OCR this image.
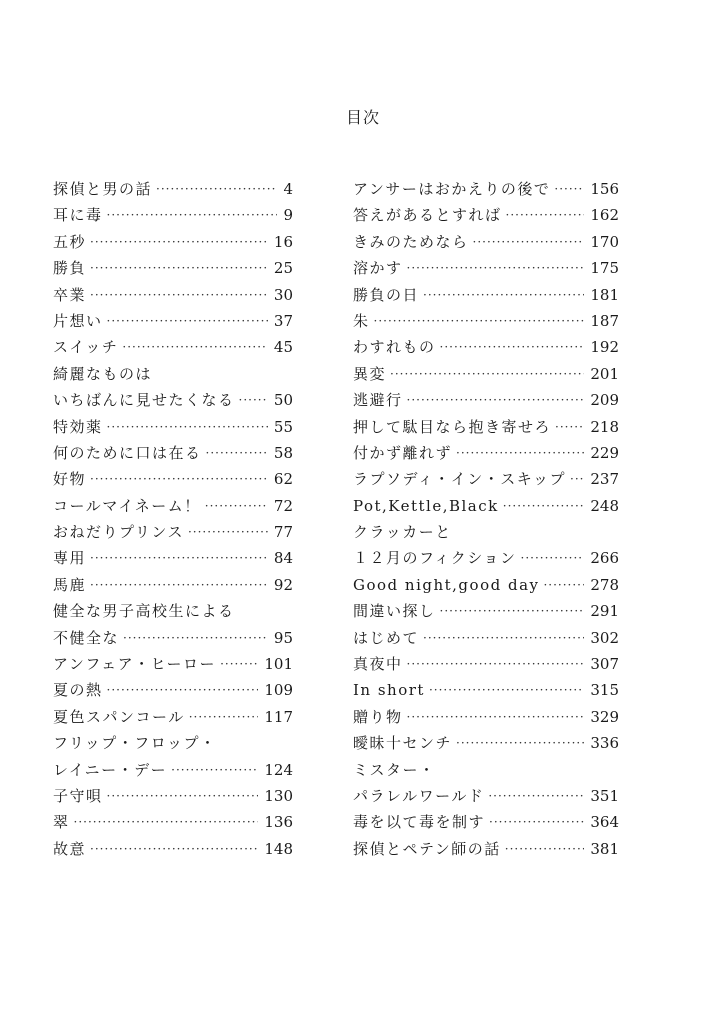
目次
探偵と男の話 ·····	4
耳に毒 ·····	9
五秒 ·····	16
勝負 ·····	25
卒業 ·····	30
片想い ·····	37
スイッチ ·····	45
綺麗なものは
いちばんに見せたくなる ·····	50
特効薬 ·····	55
何のために口は在る ·····	58
好物 ·····	62
コールマイネーム！ ·····	72
おねだりプリンス ·····	77
専用 ·····	84
馬鹿 ·····	92
健全な男子高校生による
不健全な ·····	95
アンフェア・ヒーロー ·····	101
夏の熱 ·····	109
夏色スパンコール ·····	117
フリップ・フロップ・
レイニー・デー ·····	124
子守唄 ·····	130
翠 ·····	136
故意 ·····	148
アンサーはおかえりの後で ·····	156
答えがあるとすれば ·····	162
きみのためなら ·····	170
溶かす ·····	175
勝負の日 ·····	181
朱 ·····	187
わすれもの ·····	192
異変 ·····	201
逃避行 ·····	209
押して駄目なら抱き寄せろ ·····	218
付かず離れず ·····	229
ラプソディ・イン・スキップ ····· 237
Pot,Kettle,Black ·····	248
クラッカーと
１２月のフィクション ·····	266
Good night,good day ·····	278
間違い探し ·····	291
はじめて ·····	302
真夜中 ·····	307
In short ·····	315
贈り物 ·····	329
曖昧十センチ ·····	336
ミスター・
パラレルワールド ·····	351
毒を以て毒を制す ·····	364
探偵とペテン師の話 ·····	381
